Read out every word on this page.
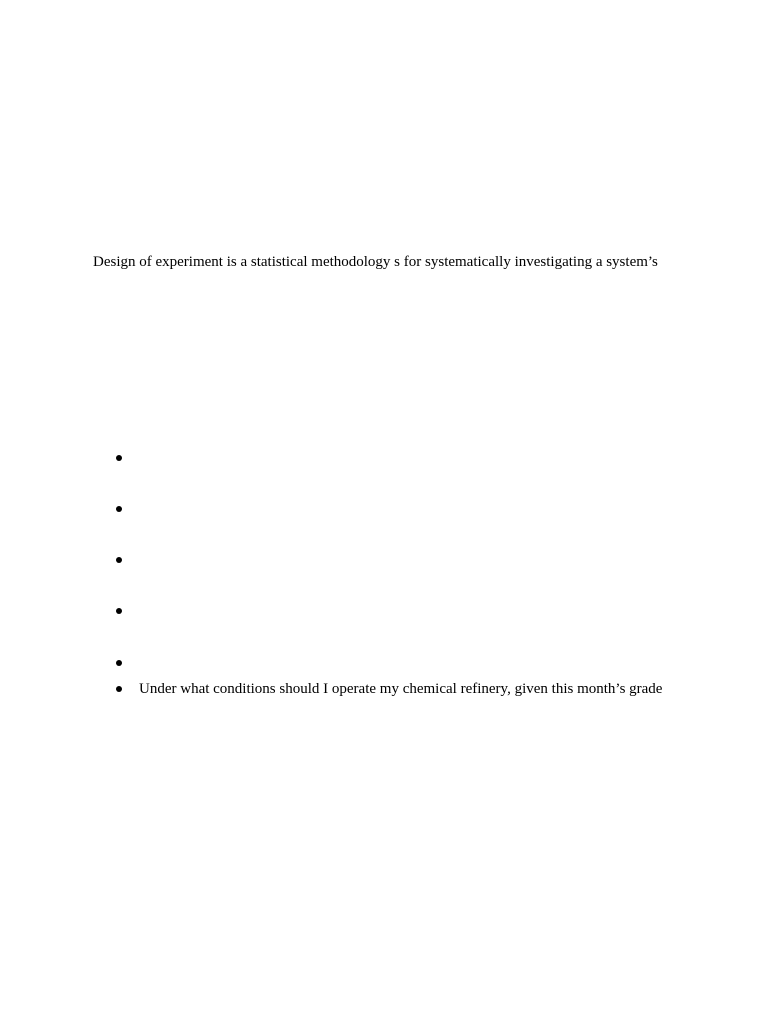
Design of experiment is a statistical methodology s for systematically investigating a system’s
Under what conditions should I operate my chemical refinery, given this month’s grade
